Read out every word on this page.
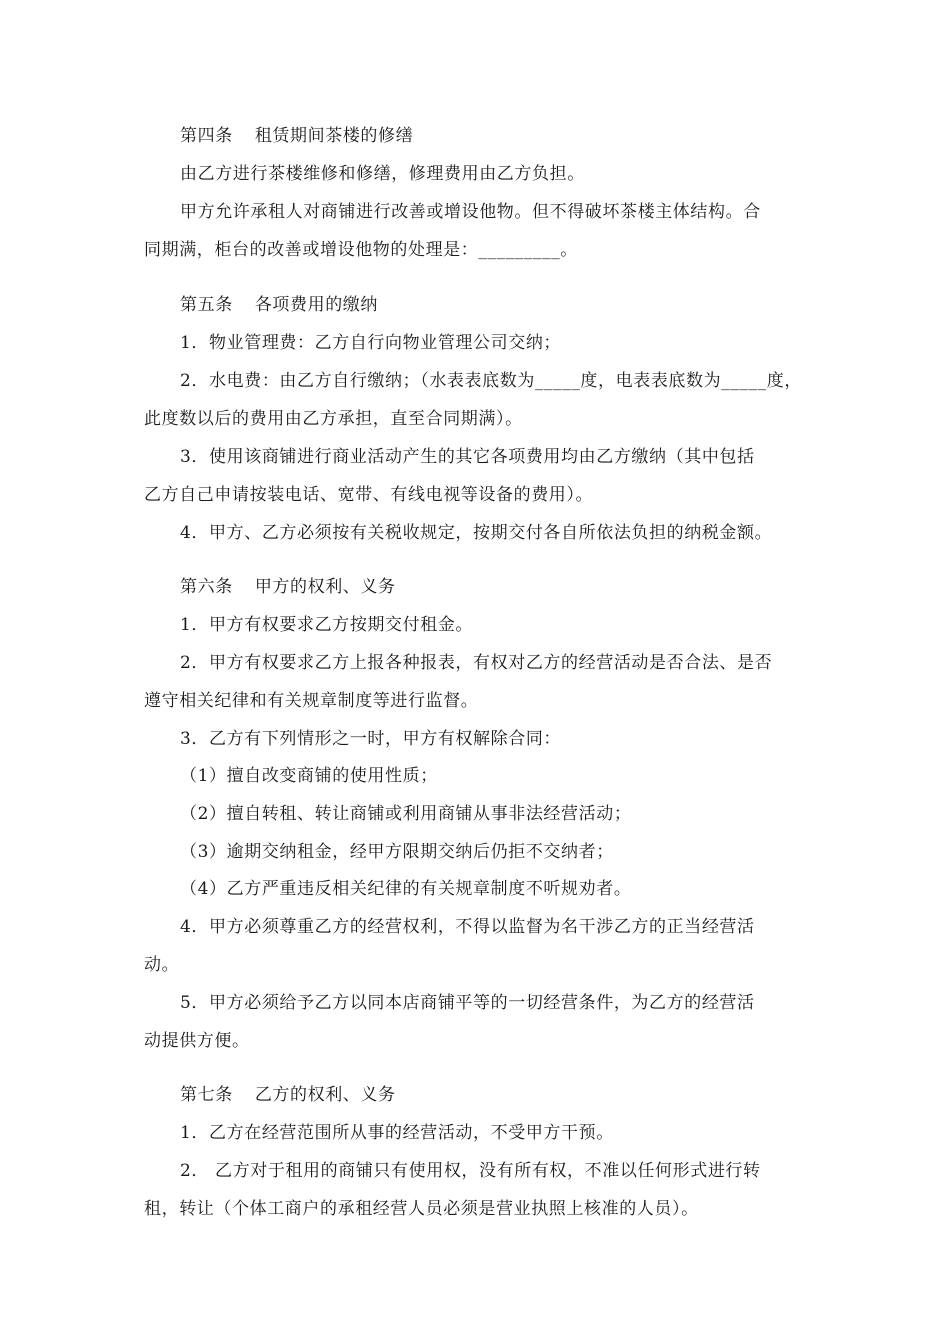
第四条 租赁期间茶楼的修缮
由乙方进行茶楼维修和修缮，修理费用由乙方负担。
甲方允许承租人对商铺进行改善或增设他物。但不得破坏茶楼主体结构。合
同期满，柜台的改善或增设他物的处理是：_________。
第五条 各项费用的缴纳
1．物业管理费：乙方自行向物业管理公司交纳；
2．水电费：由乙方自行缴纳；（水表表底数为_____度，电表表底数为_____度，
此度数以后的费用由乙方承担，直至合同期满）。
3．使用该商铺进行商业活动产生的其它各项费用均由乙方缴纳（其中包括
乙方自己申请按装电话、宽带、有线电视等设备的费用）。
4．甲方、乙方必须按有关税收规定，按期交付各自所依法负担的纳税金额。
第六条 甲方的权利、义务
1．甲方有权要求乙方按期交付租金。
2．甲方有权要求乙方上报各种报表，有权对乙方的经营活动是否合法、是否
遵守相关纪律和有关规章制度等进行监督。
3．乙方有下列情形之一时，甲方有权解除合同：
（1）擅自改变商铺的使用性质；
（2）擅自转租、转让商铺或利用商铺从事非法经营活动；
（3）逾期交纳租金，经甲方限期交纳后仍拒不交纳者；
（4）乙方严重违反相关纪律的有关规章制度不听规劝者。
4．甲方必须尊重乙方的经营权利，不得以监督为名干涉乙方的正当经营活
动。
5．甲方必须给予乙方以同本店商铺平等的一切经营条件，为乙方的经营活
动提供方便。
第七条 乙方的权利、义务
1．乙方在经营范围所从事的经营活动，不受甲方干预。
2． 乙方对于租用的商铺只有使用权，没有所有权，不准以任何形式进行转
租，转让（个体工商户的承租经营人员必须是营业执照上核准的人员）。
